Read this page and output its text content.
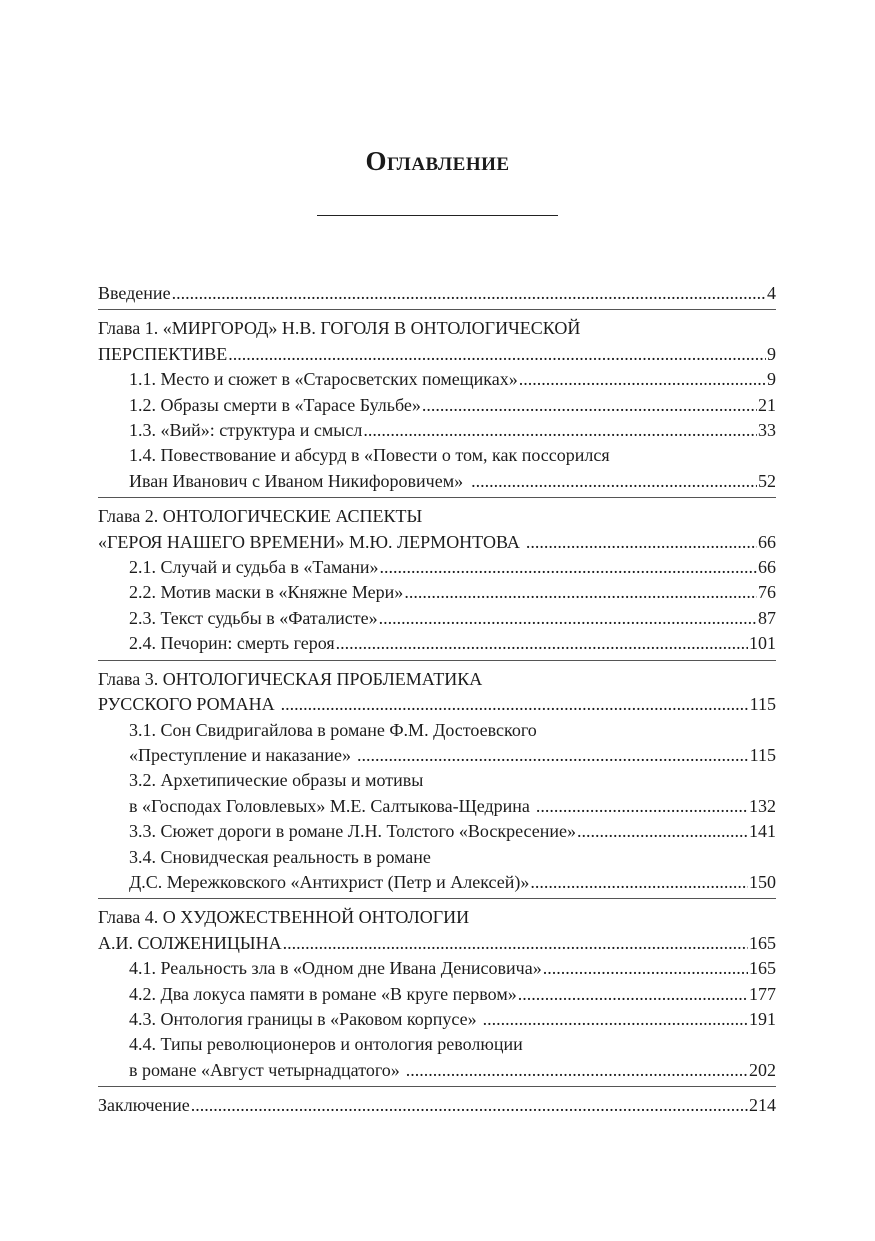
Оглавление
Введение .....	4
Глава 1. «МИРГОРОД» Н.В. ГОГОЛЯ В ОНТОЛОГИЧЕСКОЙ
ПЕРСПЕКТИВЕ .....	9
1.1. Место и сюжет в «Старосветских помещиках» .....	9
1.2. Образы смерти в «Тарасе Бульбе» .....	21
1.3. «Вий»: структура и смысл .....	33
1.4. Повествование и абсурд в «Повести о том, как поссорился
Иван Иванович с Иваном Никифоровичем» .....	52
Глава 2. ОНТОЛОГИЧЕСКИЕ АСПЕКТЫ
«ГЕРОЯ НАШЕГО ВРЕМЕНИ» М.Ю. ЛЕРМОНТОВА .....	66
2.1. Случай и судьба в «Тамани» .....	66
2.2. Мотив маски в «Княжне Мери» .....	76
2.3. Текст судьбы в «Фаталисте» .....	87
2.4. Печорин: смерть героя .....	101
Глава 3. ОНТОЛОГИЧЕСКАЯ ПРОБЛЕМАТИКА
РУССКОГО РОМАНА .....	115
3.1. Сон Свидригайлова в романе Ф.М. Достоевского
«Преступление и наказание» .....	115
3.2. Архетипические образы и мотивы
в «Господах Головлевых» М.Е. Салтыкова-Щедрина .....	132
3.3. Сюжет дороги в романе Л.Н. Толстого «Воскресение» .....	141
3.4. Сновидческая реальность в романе
Д.С. Мережковского «Антихрист (Петр и Алексей)» .....	150
Глава 4. О ХУДОЖЕСТВЕННОЙ ОНТОЛОГИИ
А.И. СОЛЖЕНИЦЫНА .....	165
4.1. Реальность зла в «Одном дне Ивана Денисовича» .....	165
4.2. Два локуса памяти в романе «В круге первом» .....	177
4.3. Онтология границы в «Раковом корпусе» .....	191
4.4. Типы революционеров и онтология революции
в романе «Август четырнадцатого» .....	202
Заключение .....	214
